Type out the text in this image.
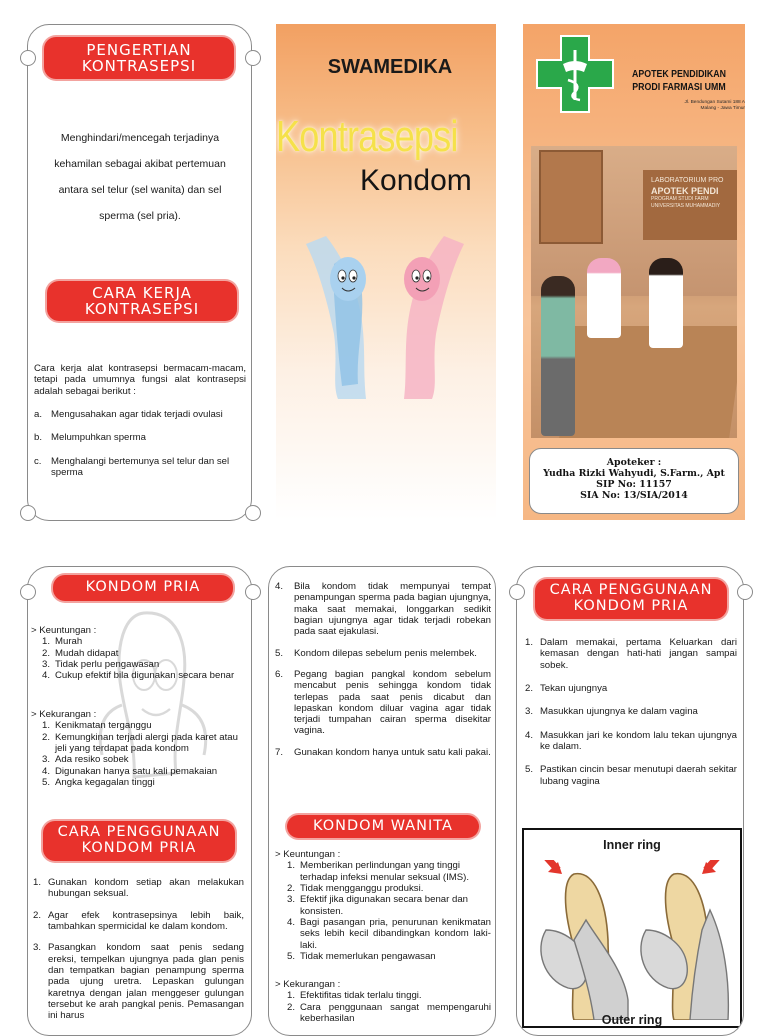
PENGERTIAN
KONTRASEPSI

Menghindari/mencegah terjadinya

kehamilan sebagai akibat pertemuan

antara sel telur (sel wanita) dan sel

sperma (sel pria).

CARA KERJA
KONTRASEPSI

Cara kerja alat kontrasepsi bermacam-macam, tetapi pada umumnya fungsi alat kontrasepsi adalah sebagai berikut :

a. Mengusahakan agar tidak terjadi ovulasi
b. Melumpuhkan sperma
c. Menghalangi bertemunya sel telur dan sel sperma
SWAMEDIKA
Kontrasepsi
Kondom
APOTEK PENDIDIKAN
PRODI FARMASI UMM
Jl. Bendungan Sutami 188 A
Malang - Jawa Timur
LABORATORIUM PRO
APOTEK PENDI
PROGRAM STUDI FARM
UNIVERSITAS MUHAMMADIY
Apoteker :
Yudha Rizki Wahyudi, S.Farm., Apt
SIP No: 11157
SIA No: 13/SIA/2014
KONDOM PRIA
> Keuntungan :
1. Murah
2. Mudah didapat
3. Tidak perlu pengawasan
4. Cukup efektif bila digunakan secara benar
> Kekurangan :
1. Kenikmatan terganggu
2. Kemungkinan terjadi alergi pada karet atau jeli yang terdapat pada kondom
3. Ada resiko sobek
4. Digunakan hanya satu kali pemakaian
5. Angka kegagalan tinggi
CARA PENGGUNAAN
KONDOM PRIA
1. Gunakan kondom setiap akan melakukan hubungan seksual.
2. Agar efek kontrasepsinya lebih baik, tambahkan spermicidal ke dalam kondom.
3. Pasangkan kondom saat penis sedang ereksi, tempelkan ujungnya pada glan penis dan tempatkan bagian penampung sperma pada ujung uretra. Lepaskan gulungan karetnya dengan jalan menggeser gulungan tersebut ke arah pangkal penis. Pemasangan ini harus
4.	Bila kondom tidak mempunyai tempat penampungan sperma pada bagian ujungnya, maka saat memakai, longgarkan sedikit bagian ujungnya agar tidak terjadi robekan pada saat ejakulasi.
5.	Kondom dilepas sebelum penis melembek.
6.	Pegang bagian pangkal kondom sebelum mencabut penis sehingga kondom tidak terlepas pada saat penis dicabut dan lepaskan kondom diluar vagina agar tidak terjadi tumpahan cairan sperma disekitar vagina.
7.	Gunakan kondom hanya untuk satu kali pakai.
KONDOM WANITA
> Keuntungan :
1. Memberikan perlindungan yang tinggi terhadap infeksi menular seksual (IMS).
2. Tidak mengganggu produksi.
3. Efektif jika digunakan secara benar dan konsisten.
4. Bagi pasangan pria, penurunan kenikmatan seks lebih kecil dibandingkan kondom laki-laki.
5. Tidak memerlukan pengawasan
> Kekurangan :
1. Efektifitas tidak terlalu tinggi.
2. Cara penggunaan sangat mempengaruhi keberhasilan
CARA PENGGUNAAN
KONDOM PRIA
1. Dalam memakai, pertama Keluarkan dari kemasan dengan hati-hati jangan sampai sobek.
2. Tekan ujungnya
3. Masukkan ujungnya ke dalam vagina
4. Masukkan jari ke kondom lalu tekan ujungnya ke dalam.
5. Pastikan cincin besar menutupi daerah sekitar lubang vagina
Inner ring
Outer ring
